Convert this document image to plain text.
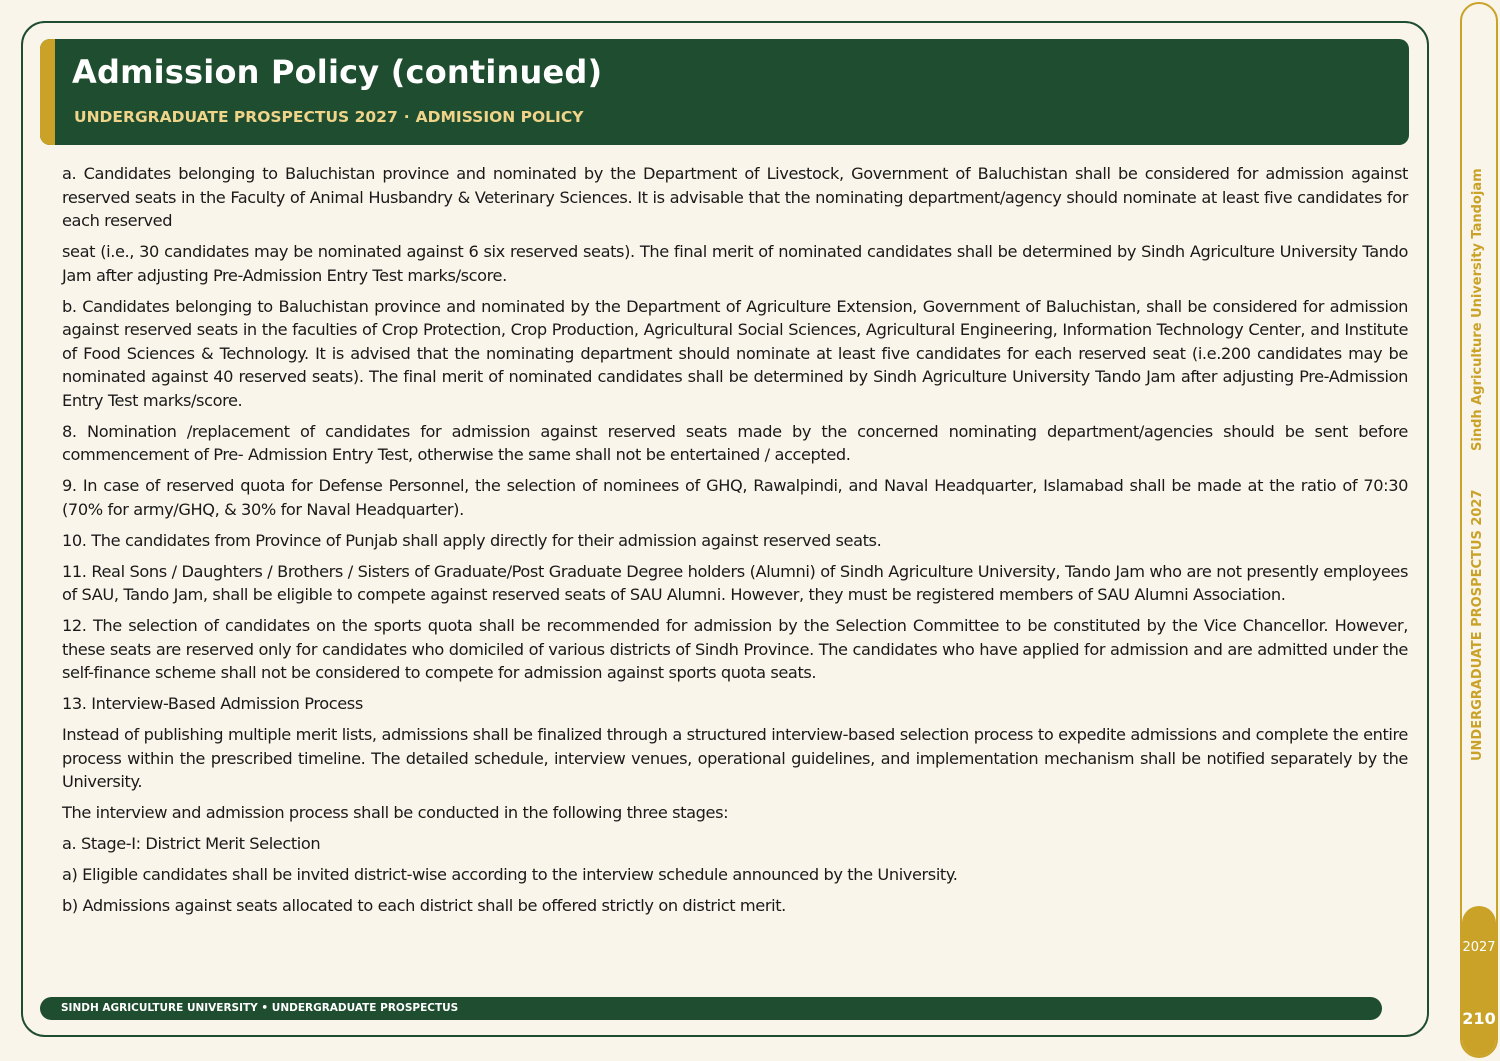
Admission Policy (continued)
UNDERGRADUATE PROSPECTUS 2027 · ADMISSION POLICY

a. Candidates belonging to Baluchistan province and nominated by the Department of Livestock, Government of Baluchistan shall be considered for admission against reserved seats in the Faculty of Animal Husbandry & Veterinary Sciences. It is advisable that the nominating department/agency should nominate at least five candidates for each reserved

seat (i.e., 30 candidates may be nominated against 6 six reserved seats). The final merit of nominated candidates shall be determined by Sindh Agriculture University Tando Jam after adjusting Pre-Admission Entry Test marks/score.

b. Candidates belonging to Baluchistan province and nominated by the Department of Agriculture Extension, Government of Baluchistan, shall be considered for admission against reserved seats in the faculties of Crop Protection, Crop Production, Agricultural Social Sciences, Agricultural Engineering, Information Technology Center, and Institute of Food Sciences & Technology. It is advised that the nominating department should nominate at least five candidates for each reserved seat (i.e.200 candidates may be nominated against 40 reserved seats). The final merit of nominated candidates shall be determined by Sindh Agriculture University Tando Jam after adjusting Pre-Admission Entry Test marks/score.

8. Nomination /replacement of candidates for admission against reserved seats made by the concerned nominating department/agencies should be sent before commencement of Pre- Admission Entry Test, otherwise the same shall not be entertained / accepted.

9. In case of reserved quota for Defense Personnel, the selection of nominees of GHQ, Rawalpindi, and Naval Headquarter, Islamabad shall be made at the ratio of 70:30 (70% for army/GHQ, & 30% for Naval Headquarter).

10. The candidates from Province of Punjab shall apply directly for their admission against reserved seats.

11. Real Sons / Daughters / Brothers / Sisters of Graduate/Post Graduate Degree holders (Alumni) of Sindh Agriculture University, Tando Jam who are not presently employees of SAU, Tando Jam, shall be eligible to compete against reserved seats of SAU Alumni. However, they must be registered members of SAU Alumni Association.

12. The selection of candidates on the sports quota shall be recommended for admission by the Selection Committee to be constituted by the Vice Chancellor. However, these seats are reserved only for candidates who domiciled of various districts of Sindh Province. The candidates who have applied for admission and are admitted under the self-finance scheme shall not be considered to compete for admission against sports quota seats.

13. Interview-Based Admission Process

Instead of publishing multiple merit lists, admissions shall be finalized through a structured interview-based selection process to expedite admissions and complete the entire process within the prescribed timeline. The detailed schedule, interview venues, operational guidelines, and implementation mechanism shall be notified separately by the University.

The interview and admission process shall be conducted in the following three stages:

a. Stage-I: District Merit Selection

a) Eligible candidates shall be invited district-wise according to the interview schedule announced by the University.

b) Admissions against seats allocated to each district shall be offered strictly on district merit.

SINDH AGRICULTURE UNIVERSITY • UNDERGRADUATE PROSPECTUS
Sindh Agriculture University Tandojam
UNDERGRADUATE PROSPECTUS 2027
2027
210
